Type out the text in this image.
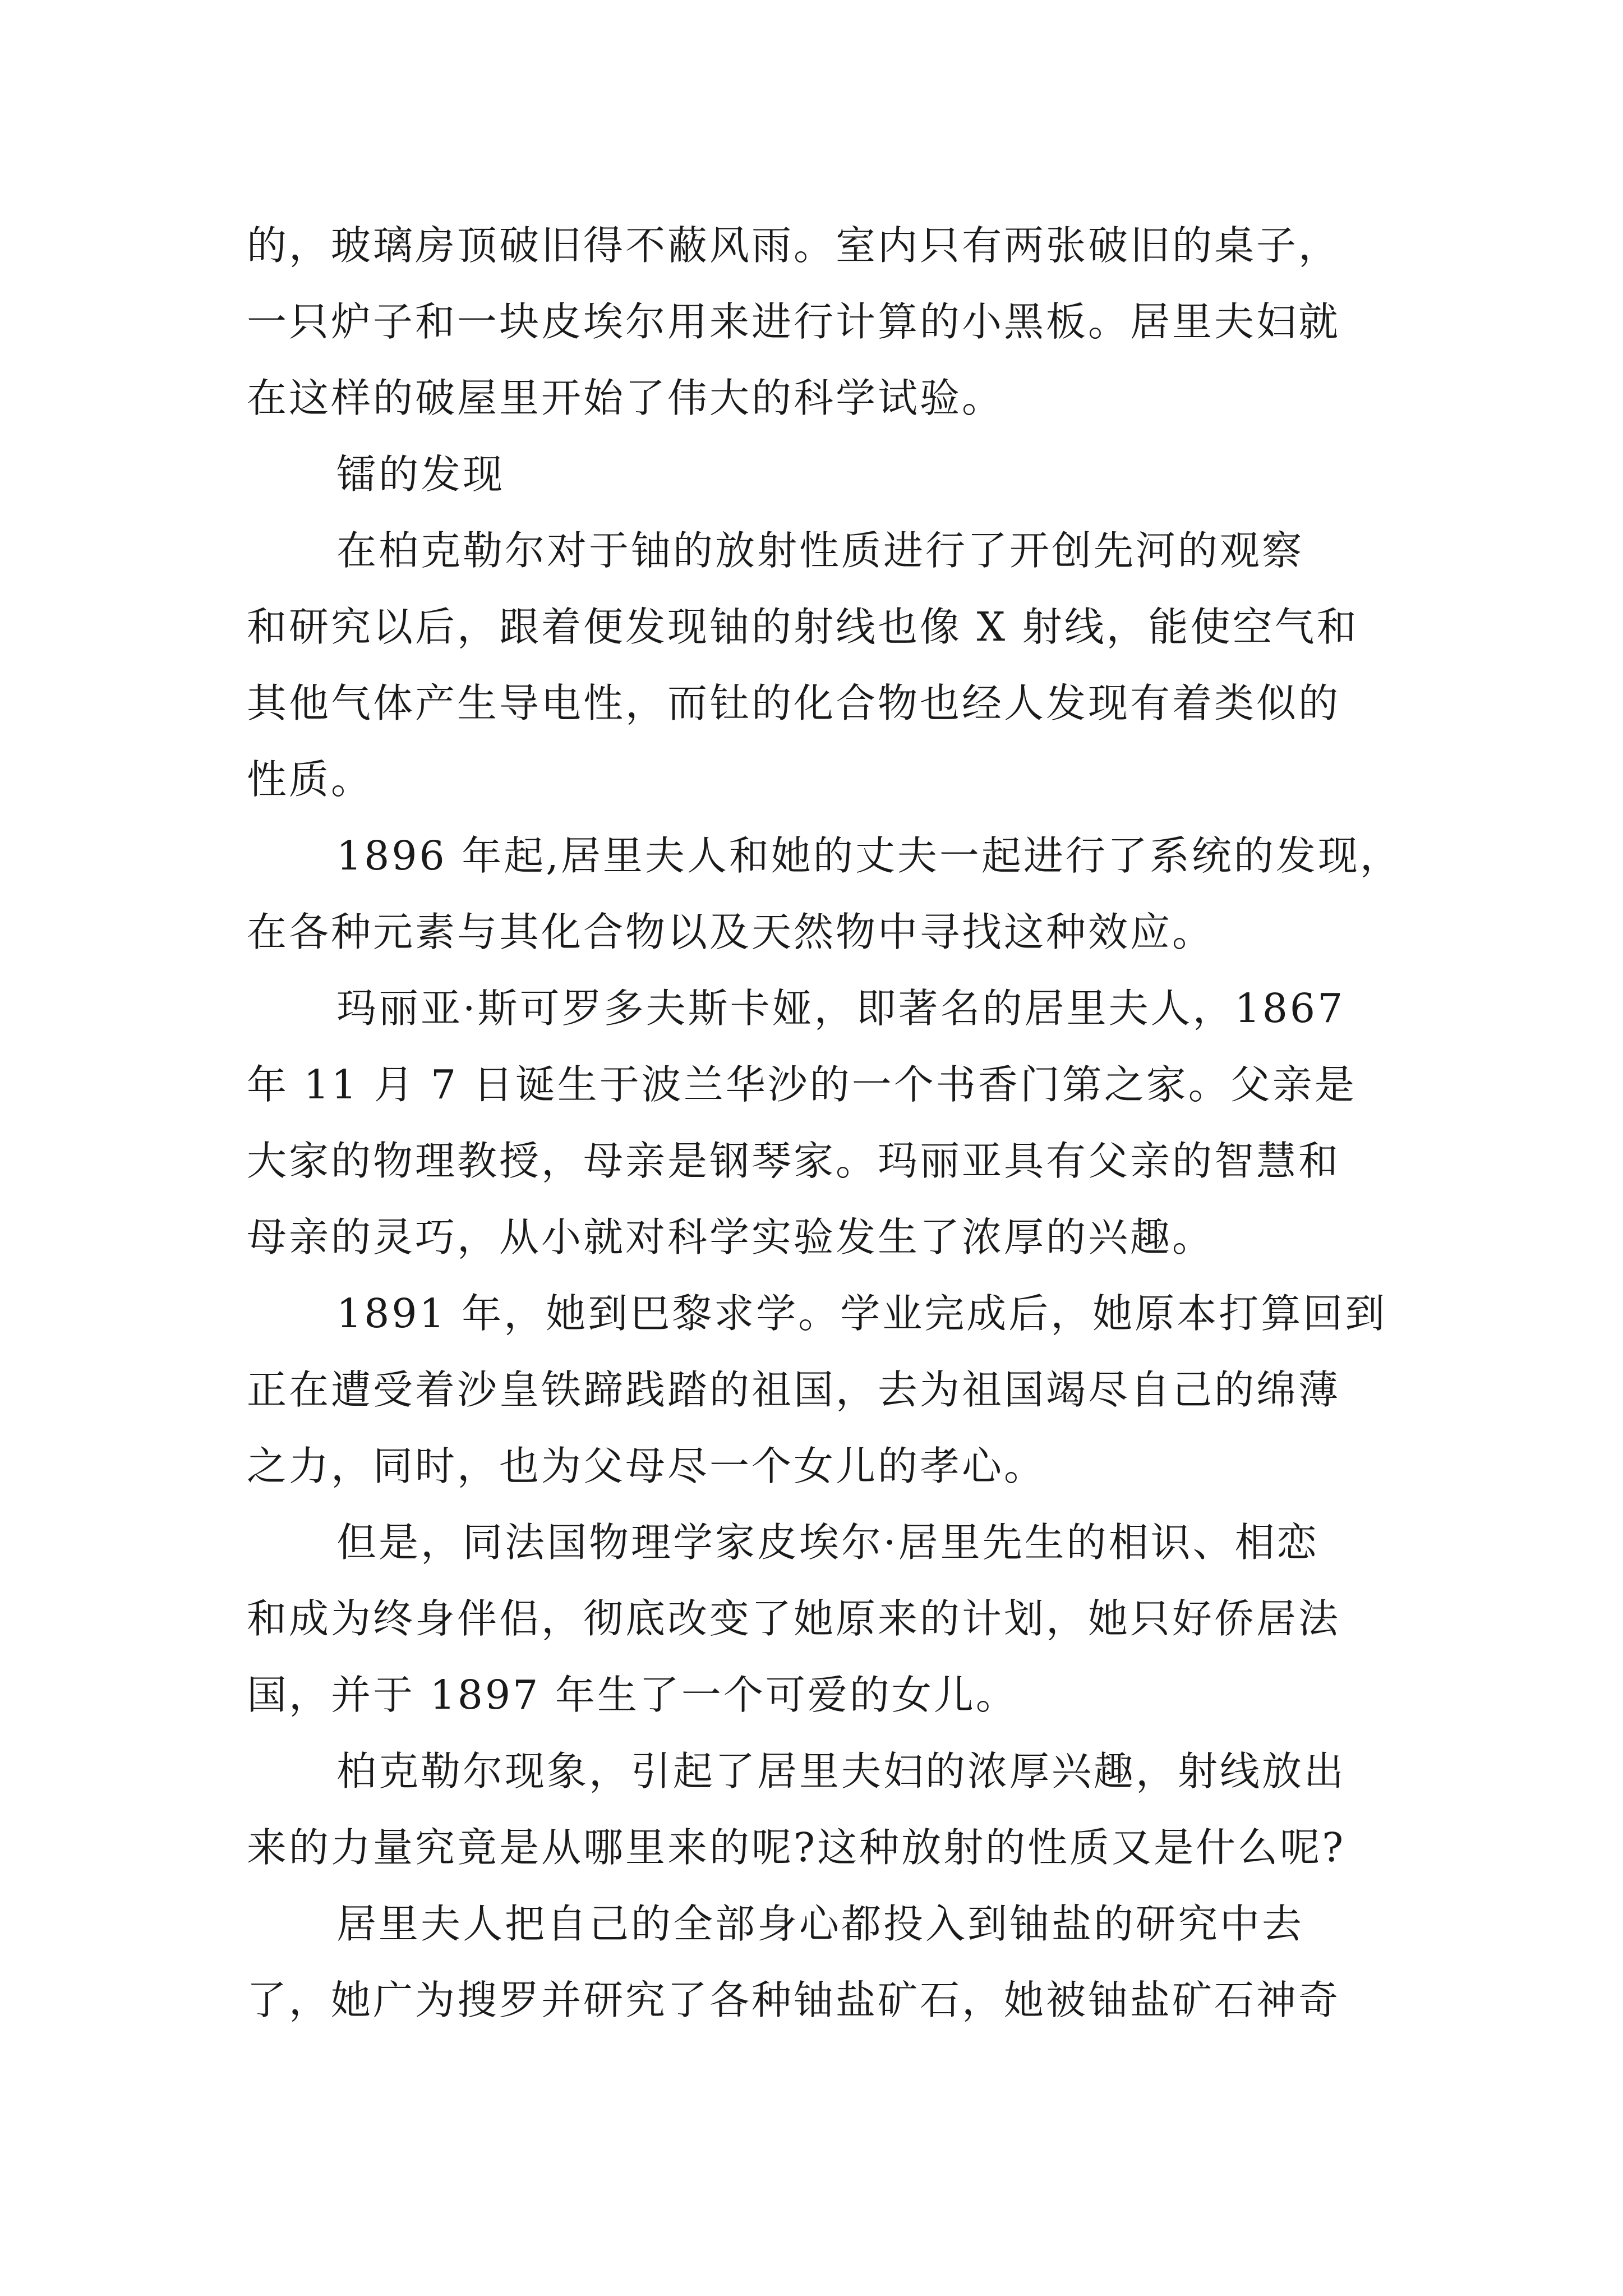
的，玻璃房顶破旧得不蔽风雨。室内只有两张破旧的桌子，
一只炉子和一块皮埃尔用来进行计算的小黑板。居里夫妇就
在这样的破屋里开始了伟大的科学试验。
镭的发现
在柏克勒尔对于铀的放射性质进行了开创先河的观察
和研究以后，跟着便发现铀的射线也像 X 射线，能使空气和
其他气体产生导电性，而钍的化合物也经人发现有着类似的
性质。
1896 年起,居里夫人和她的丈夫一起进行了系统的发现，
在各种元素与其化合物以及天然物中寻找这种效应。
玛丽亚·斯可罗多夫斯卡娅，即著名的居里夫人，1867
年 11 月 7 日诞生于波兰华沙的一个书香门第之家。父亲是
大家的物理教授，母亲是钢琴家。玛丽亚具有父亲的智慧和
母亲的灵巧，从小就对科学实验发生了浓厚的兴趣。
1891 年，她到巴黎求学。学业完成后，她原本打算回到
正在遭受着沙皇铁蹄践踏的祖国，去为祖国竭尽自己的绵薄
之力，同时，也为父母尽一个女儿的孝心。
但是，同法国物理学家皮埃尔·居里先生的相识、相恋
和成为终身伴侣，彻底改变了她原来的计划，她只好侨居法
国，并于 1897 年生了一个可爱的女儿。
柏克勒尔现象，引起了居里夫妇的浓厚兴趣，射线放出
来的力量究竟是从哪里来的呢?这种放射的性质又是什么呢?
居里夫人把自己的全部身心都投入到铀盐的研究中去
了，她广为搜罗并研究了各种铀盐矿石，她被铀盐矿石神奇
